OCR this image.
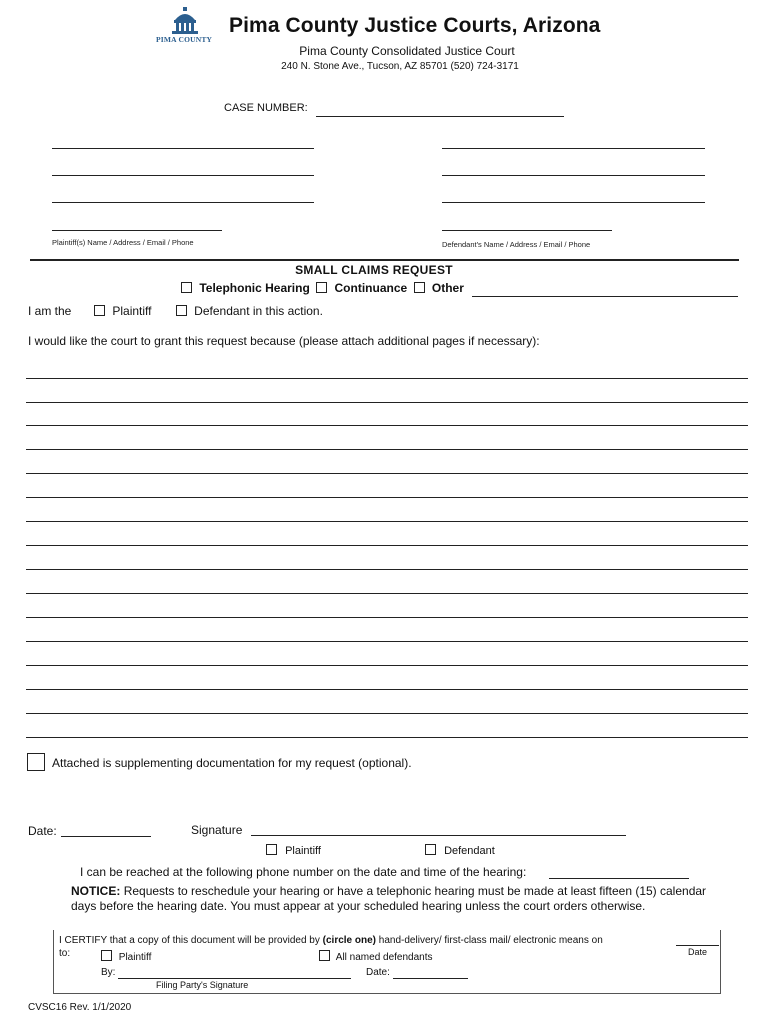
PIMA COUNTY
Pima County Justice Courts, Arizona
Pima County Consolidated Justice Court
240 N. Stone Ave., Tucson, AZ 85701 (520) 724-3171
CASE NUMBER:
Plaintiff(s) Name / Address / Email / Phone	Defendant's Name / Address / Email / Phone
SMALL CLAIMS REQUEST
Telephonic Hearing Continuance Other
I am the	Plaintiff	Defendant in this action.
I would like the court to grant this request because (please attach additional pages if necessary):
Attached is supplementing documentation for my request (optional).
Date:	Signature
Plaintiff	Defendant
I can be reached at the following phone number on the date and time of the hearing:
NOTICE: Requests to reschedule your hearing or have a telephonic hearing must be made at least fifteen (15) calendar days before the hearing date. You must appear at your scheduled hearing unless the court orders otherwise.
I CERTIFY that a copy of this document will be provided by (circle one) hand-delivery/ first-class mail/ electronic means on
Date
to:	Plaintiff	All named defendants
By:	Date:
Filing Party's Signature
CVSC16 Rev. 1/1/2020
